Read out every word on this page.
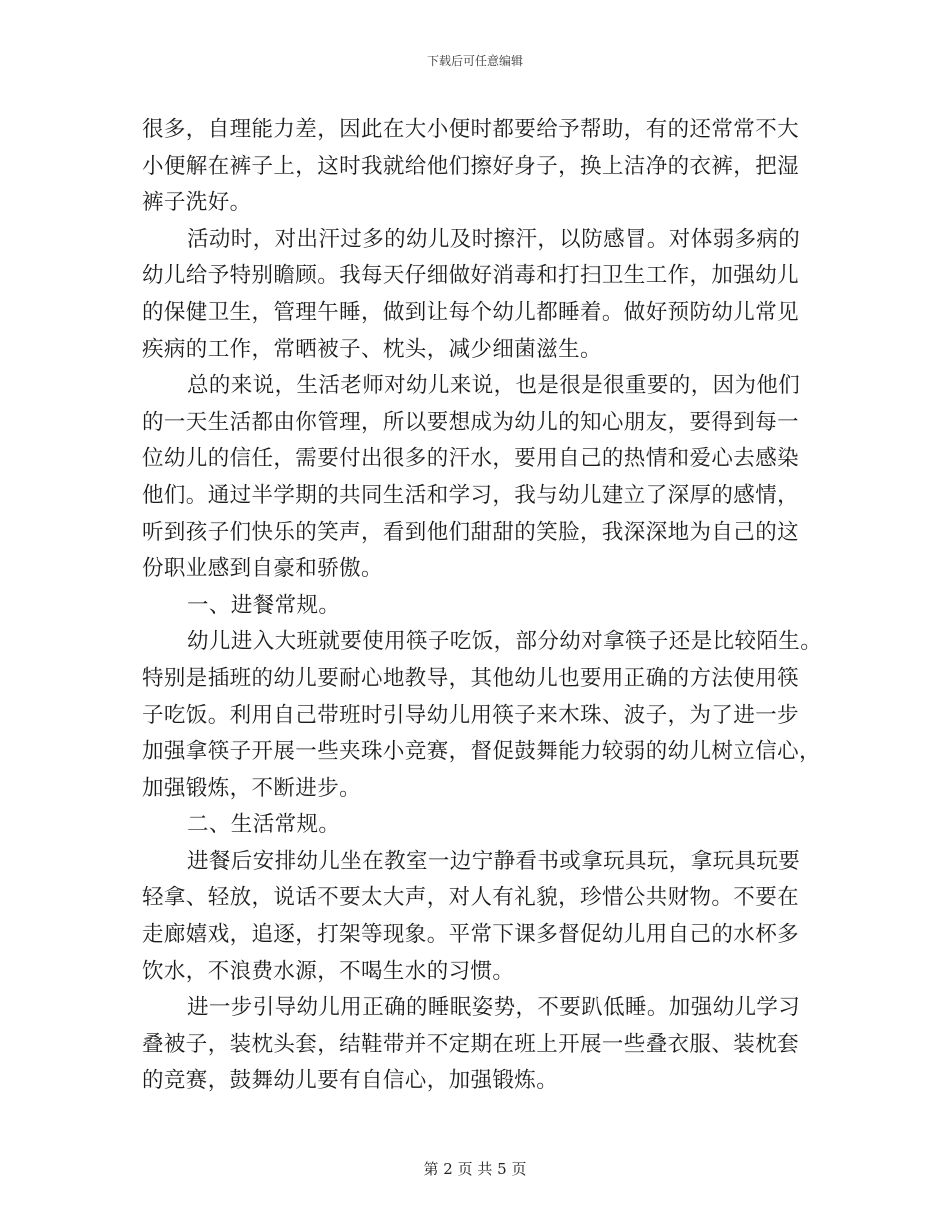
下载后可任意编辑
很多，自理能力差，因此在大小便时都要给予帮助，有的还常常不大
小便解在裤子上，这时我就给他们擦好身子，换上洁净的衣裤，把湿
裤子洗好。
活动时，对出汗过多的幼儿及时擦汗，以防感冒。对体弱多病的
幼儿给予特别瞻顾。我每天仔细做好消毒和打扫卫生工作，加强幼儿
的保健卫生，管理午睡，做到让每个幼儿都睡着。做好预防幼儿常见
疾病的工作，常晒被子、枕头，减少细菌滋生。
总的来说，生活老师对幼儿来说，也是很是很重要的，因为他们
的一天生活都由你管理，所以要想成为幼儿的知心朋友，要得到每一
位幼儿的信任，需要付出很多的汗水，要用自己的热情和爱心去感染
他们。通过半学期的共同生活和学习，我与幼儿建立了深厚的感情，
听到孩子们快乐的笑声，看到他们甜甜的笑脸，我深深地为自己的这
份职业感到自豪和骄傲。
一、进餐常规。
幼儿进入大班就要使用筷子吃饭，部分幼对拿筷子还是比较陌生。
特别是插班的幼儿要耐心地教导，其他幼儿也要用正确的方法使用筷
子吃饭。利用自己带班时引导幼儿用筷子来木珠、波子，为了进一步
加强拿筷子开展一些夹珠小竞赛，督促鼓舞能力较弱的幼儿树立信心，
加强锻炼，不断进步。
二、生活常规。
进餐后安排幼儿坐在教室一边宁静看书或拿玩具玩，拿玩具玩要
轻拿、轻放，说话不要太大声，对人有礼貌，珍惜公共财物。不要在
走廊嬉戏，追逐，打架等现象。平常下课多督促幼儿用自己的水杯多
饮水，不浪费水源，不喝生水的习惯。
进一步引导幼儿用正确的睡眠姿势，不要趴低睡。加强幼儿学习
叠被子，装枕头套，结鞋带并不定期在班上开展一些叠衣服、装枕套
的竞赛，鼓舞幼儿要有自信心，加强锻炼。
第 2 页 共 5 页
